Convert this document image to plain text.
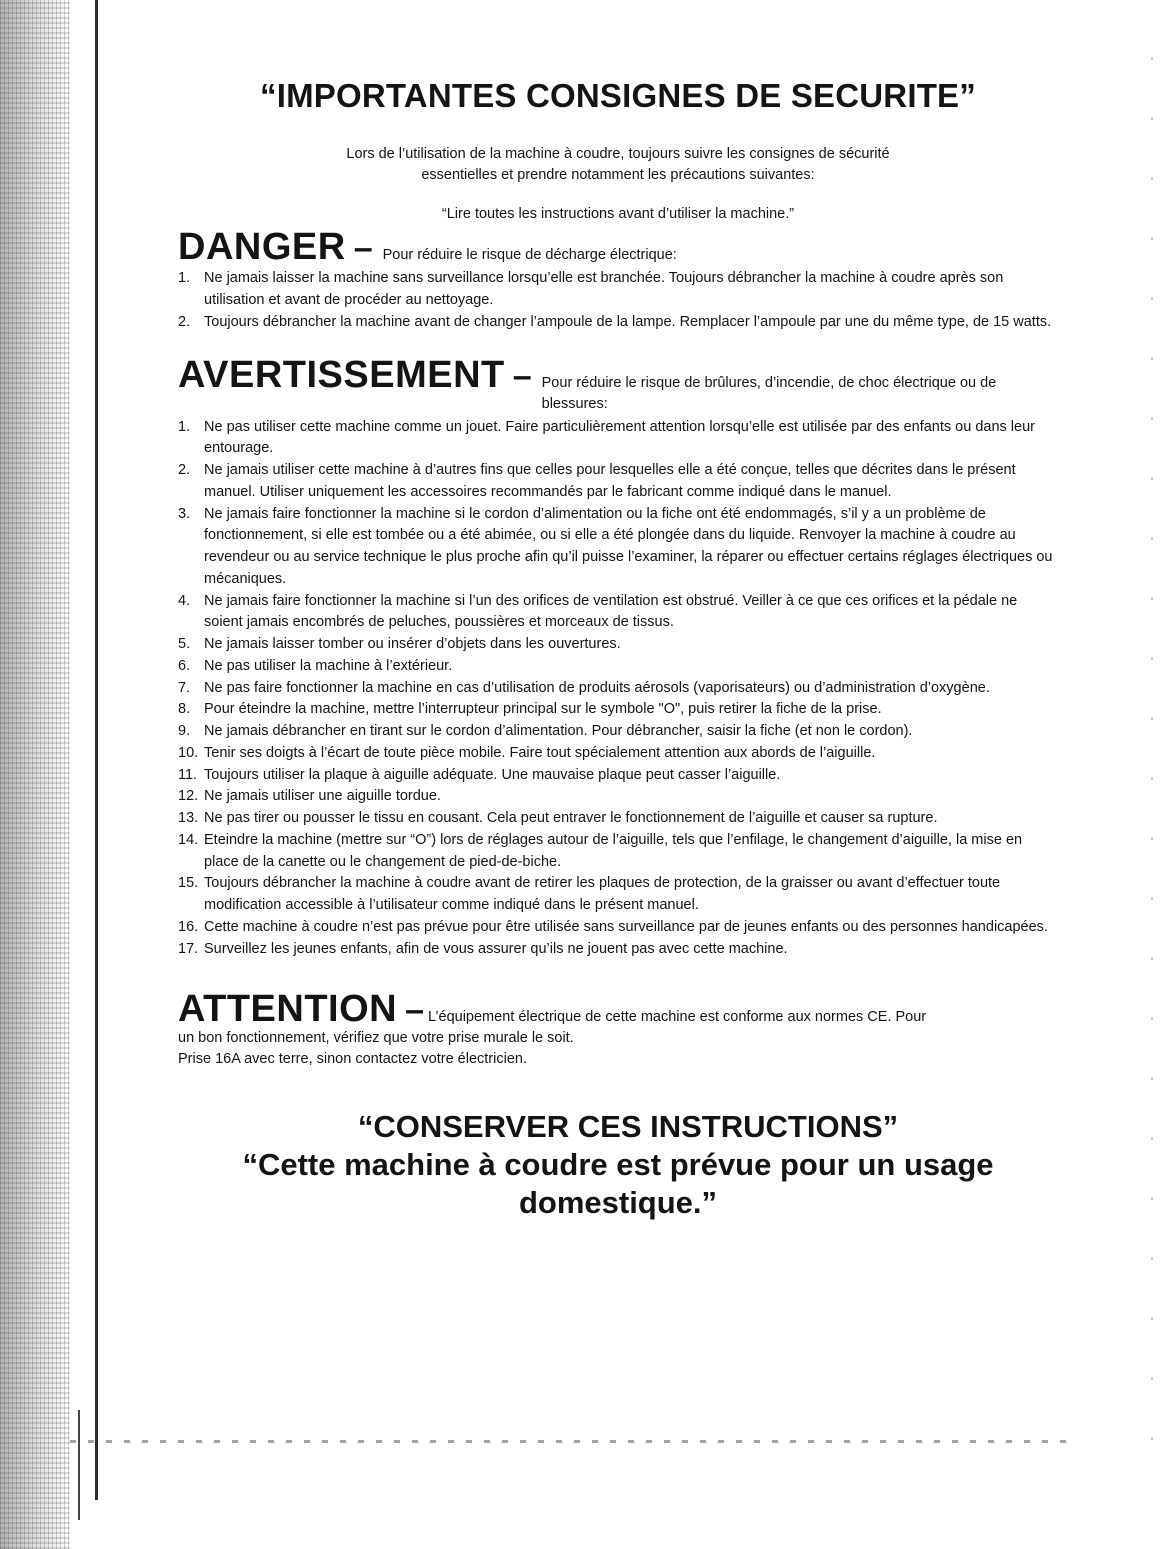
“IMPORTANTES CONSIGNES DE SECURITE”

Lors de l’utilisation de la machine à coudre, toujours suivre les consignes de sécurité essentielles et prendre notamment les précautions suivantes:

“Lire toutes les instructions avant d’utiliser la machine.”

DANGER – Pour réduire le risque de décharge électrique:
1. Ne jamais laisser la machine sans surveillance lorsqu’elle est branchée. Toujours débrancher la machine à coudre après son utilisation et avant de procéder au nettoyage.
2. Toujours débrancher la machine avant de changer l’ampoule de la lampe. Remplacer l’ampoule par une du même type, de 15 watts.
AVERTISSEMENT – Pour réduire le risque de brûlures, d’incendie, de choc électrique ou de blessures:
1. Ne pas utiliser cette machine comme un jouet. Faire particulièrement attention lorsqu’elle est utilisée par des enfants ou dans leur entourage.
2. Ne jamais utiliser cette machine à d’autres fins que celles pour lesquelles elle a été conçue, telles que décrites dans le présent manuel. Utiliser uniquement les accessoires recommandés par le fabricant comme indiqué dans le manuel.
3. Ne jamais faire fonctionner la machine si le cordon d’alimentation ou la fiche ont été endommagés, s’il y a un problème de fonctionnement, si elle est tombée ou a été abimée, ou si elle a été plongée dans du liquide. Renvoyer la machine à coudre au revendeur ou au service technique le plus proche afin qu’il puisse l’examiner, la réparer ou effectuer certains réglages électriques ou mécaniques.
4. Ne jamais faire fonctionner la machine si l’un des orifices de ventilation est obstrué. Veiller à ce que ces orifices et la pédale ne soient jamais encombrés de peluches, poussières et morceaux de tissus.
5. Ne jamais laisser tomber ou insérer d’objets dans les ouvertures.
6. Ne pas utiliser la machine à l’extérieur.
7. Ne pas faire fonctionner la machine en cas d’utilisation de produits aérosols (vaporisateurs) ou d’administration d’oxygène.
8. Pour éteindre la machine, mettre l’interrupteur principal sur le symbole "O", puis retirer la fiche de la prise.
9. Ne jamais débrancher en tirant sur le cordon d’alimentation. Pour débrancher, saisir la fiche (et non le cordon).
10. Tenir ses doigts à l’écart de toute pièce mobile. Faire tout spécialement attention aux abords de l’aiguille.
11. Toujours utiliser la plaque à aiguille adéquate. Une mauvaise plaque peut casser l’aiguille.
12. Ne jamais utiliser une aiguille tordue.
13. Ne pas tirer ou pousser le tissu en cousant. Cela peut entraver le fonctionnement de l’aiguille et causer sa rupture.
14. Eteindre la machine (mettre sur “O”) lors de réglages autour de l’aiguille, tels que l’enfilage, le changement d’aiguille, la mise en place de la canette ou le changement de pied-de-biche.
15. Toujours débrancher la machine à coudre avant de retirer les plaques de protection, de la graisser ou avant d’effectuer toute modification accessible à l’utilisateur comme indiqué dans le présent manuel.
16. Cette machine à coudre n’est pas prévue pour être utilisée sans surveillance par de jeunes enfants ou des personnes handicapées.
17. Surveillez les jeunes enfants, afin de vous assurer qu’ils ne jouent pas avec cette machine.
ATTENTION – L’équipement électrique de cette machine est conforme aux normes CE. Pour
un bon fonctionnement, vérifiez que votre prise murale le soit.
Prise 16A avec terre, sinon contactez votre électricien.
“CONSERVER CES INSTRUCTIONS”
“Cette machine à coudre est prévue pour un usage domestique.”
